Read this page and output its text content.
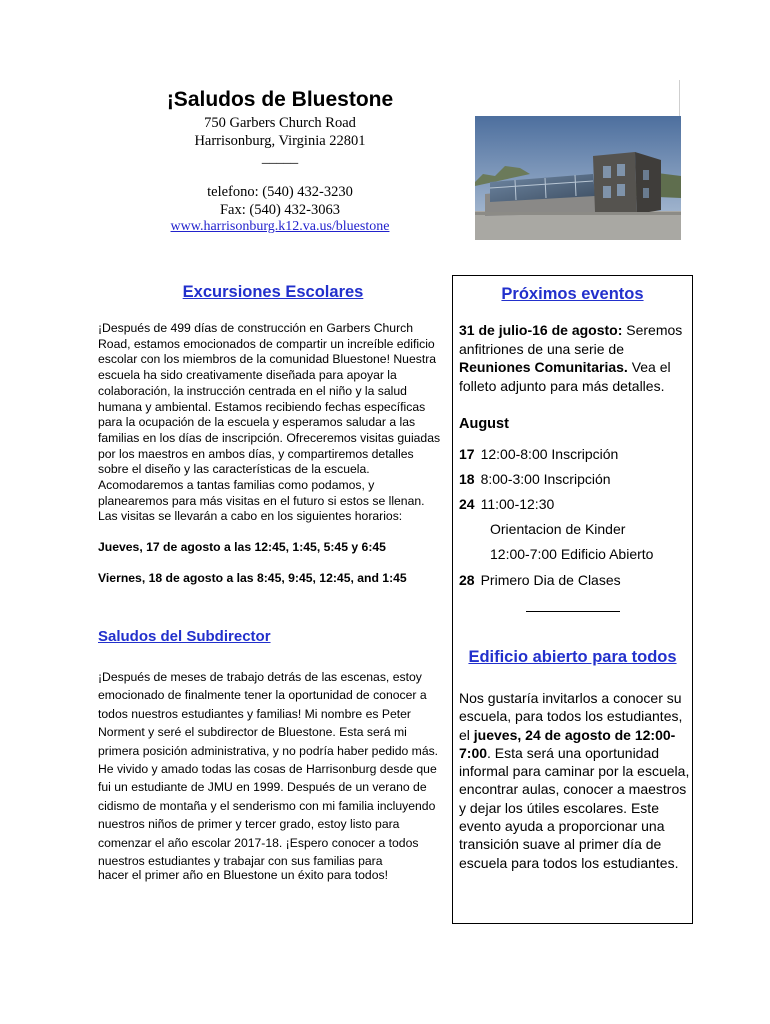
¡Saludos de Bluestone
750 Garbers Church Road
Harrisonburg, Virginia 22801
_____
telefono: (540) 432-3230
Fax: (540) 432-3063
www.harrisonburg.k12.va.us/bluestone
Excursiones Escolares
¡Después de 499 días de construcción en Garbers Church Road, estamos emocionados de compartir un increíble edificio escolar con los miembros de la comunidad Bluestone! Nuestra escuela ha sido creativamente diseñada para apoyar la colaboración, la instrucción centrada en el niño y la salud humana y ambiental. Estamos recibiendo fechas específicas para la ocupación de la escuela y esperamos saludar a las familias en los días de inscripción. Ofreceremos visitas guiadas por los maestros en ambos días, y compartiremos detalles sobre el diseño y las características de la escuela. Acomodaremos a tantas familias como podamos, y planearemos para más visitas en el futuro si estos se llenan. Las visitas se llevarán a cabo en los siguientes horarios:
Jueves, 17 de agosto a las 12:45, 1:45, 5:45 y 6:45
Viernes, 18 de agosto a las 8:45, 9:45, 12:45, and 1:45
Saludos del Subdirector
¡Después de meses de trabajo detrás de las escenas, estoy emocionado de finalmente tener la oportunidad de conocer a todos nuestros estudiantes y familias! Mi nombre es Peter Norment y seré el subdirector de Bluestone. Esta será mi primera posición administrativa, y no podría haber pedido más. He vivido y amado todas las cosas de Harrisonburg desde que fui un estudiante de JMU en 1999. Después de un verano de cidismo de montaña y el senderismo con mi familia incluyendo nuestros niños de primer y tercer grado, estoy listo para comenzar el año escolar 2017-18. ¡Espero conocer a todos nuestros estudiantes y trabajar con sus familias para
hacer el primer año en Bluestone un éxito para todos!
Próximos eventos
31 de julio-16 de agosto: Seremos anfitriones de una serie de Reuniones Comunitarias. Vea el folleto adjunto para más detalles.
August
17 12:00-8:00 Inscripción
18 8:00-3:00 Inscripción
24 11:00-12:30
Orientacion de Kinder
12:00-7:00 Edificio Abierto
28 Primero Dia de Clases
Edificio abierto para todos
Nos gustaría invitarlos a conocer su escuela, para todos los estudiantes, el jueves, 24 de agosto de 12:00-7:00. Esta será una oportunidad informal para caminar por la escuela, encontrar aulas, conocer a maestros y dejar los útiles escolares. Este evento ayuda a proporcionar una transición suave al primer día de escuela para todos los estudiantes.
